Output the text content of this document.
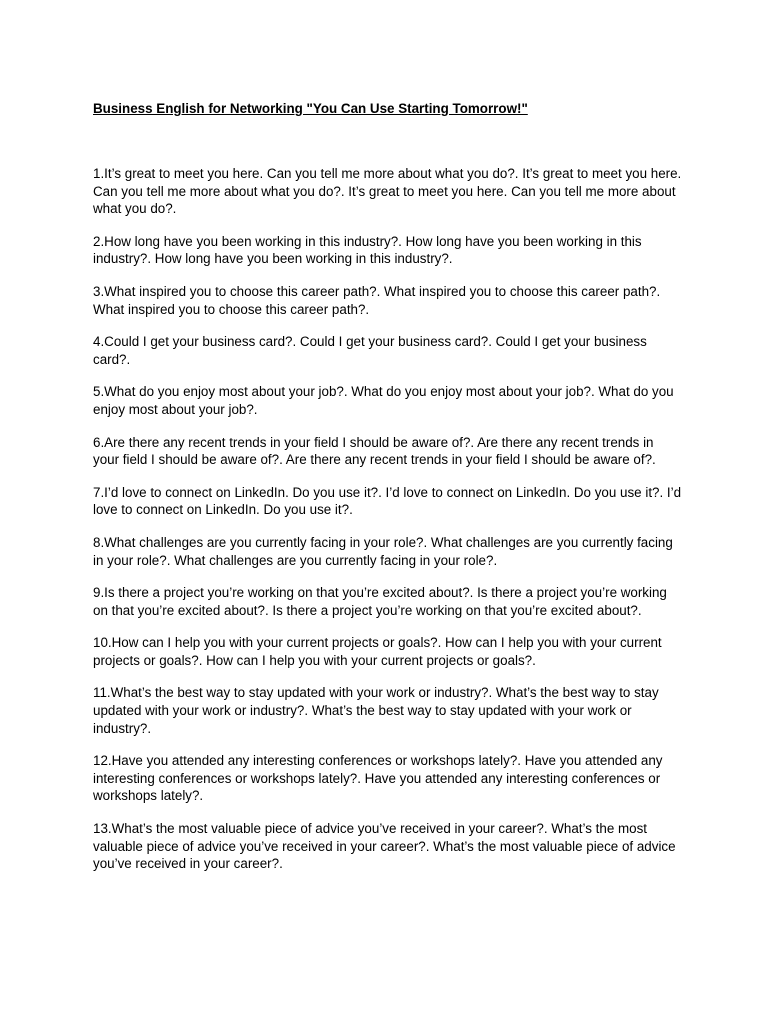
Business English for Networking "You Can Use Starting Tomorrow!"

1.It’s great to meet you here. Can you tell me more about what you do?. It’s great to meet you here. Can you tell me more about what you do?. It’s great to meet you here. Can you tell me more about what you do?.

2.How long have you been working in this industry?. How long have you been working in this industry?. How long have you been working in this industry?.

3.What inspired you to choose this career path?. What inspired you to choose this career path?. What inspired you to choose this career path?.

4.Could I get your business card?. Could I get your business card?. Could I get your business card?.

5.What do you enjoy most about your job?. What do you enjoy most about your job?. What do you enjoy most about your job?.

6.Are there any recent trends in your field I should be aware of?. Are there any recent trends in your field I should be aware of?. Are there any recent trends in your field I should be aware of?.

7.I’d love to connect on LinkedIn. Do you use it?. I’d love to connect on LinkedIn. Do you use it?. I’d love to connect on LinkedIn. Do you use it?.

8.What challenges are you currently facing in your role?. What challenges are you currently facing in your role?. What challenges are you currently facing in your role?.

9.Is there a project you’re working on that you’re excited about?. Is there a project you’re working on that you’re excited about?. Is there a project you’re working on that you’re excited about?.

10.How can I help you with your current projects or goals?. How can I help you with your current projects or goals?. How can I help you with your current projects or goals?.

11.What’s the best way to stay updated with your work or industry?. What’s the best way to stay updated with your work or industry?. What’s the best way to stay updated with your work or industry?.

12.Have you attended any interesting conferences or workshops lately?. Have you attended any interesting conferences or workshops lately?. Have you attended any interesting conferences or workshops lately?.

13.What’s the most valuable piece of advice you’ve received in your career?. What’s the most valuable piece of advice you’ve received in your career?. What’s the most valuable piece of advice you’ve received in your career?.
